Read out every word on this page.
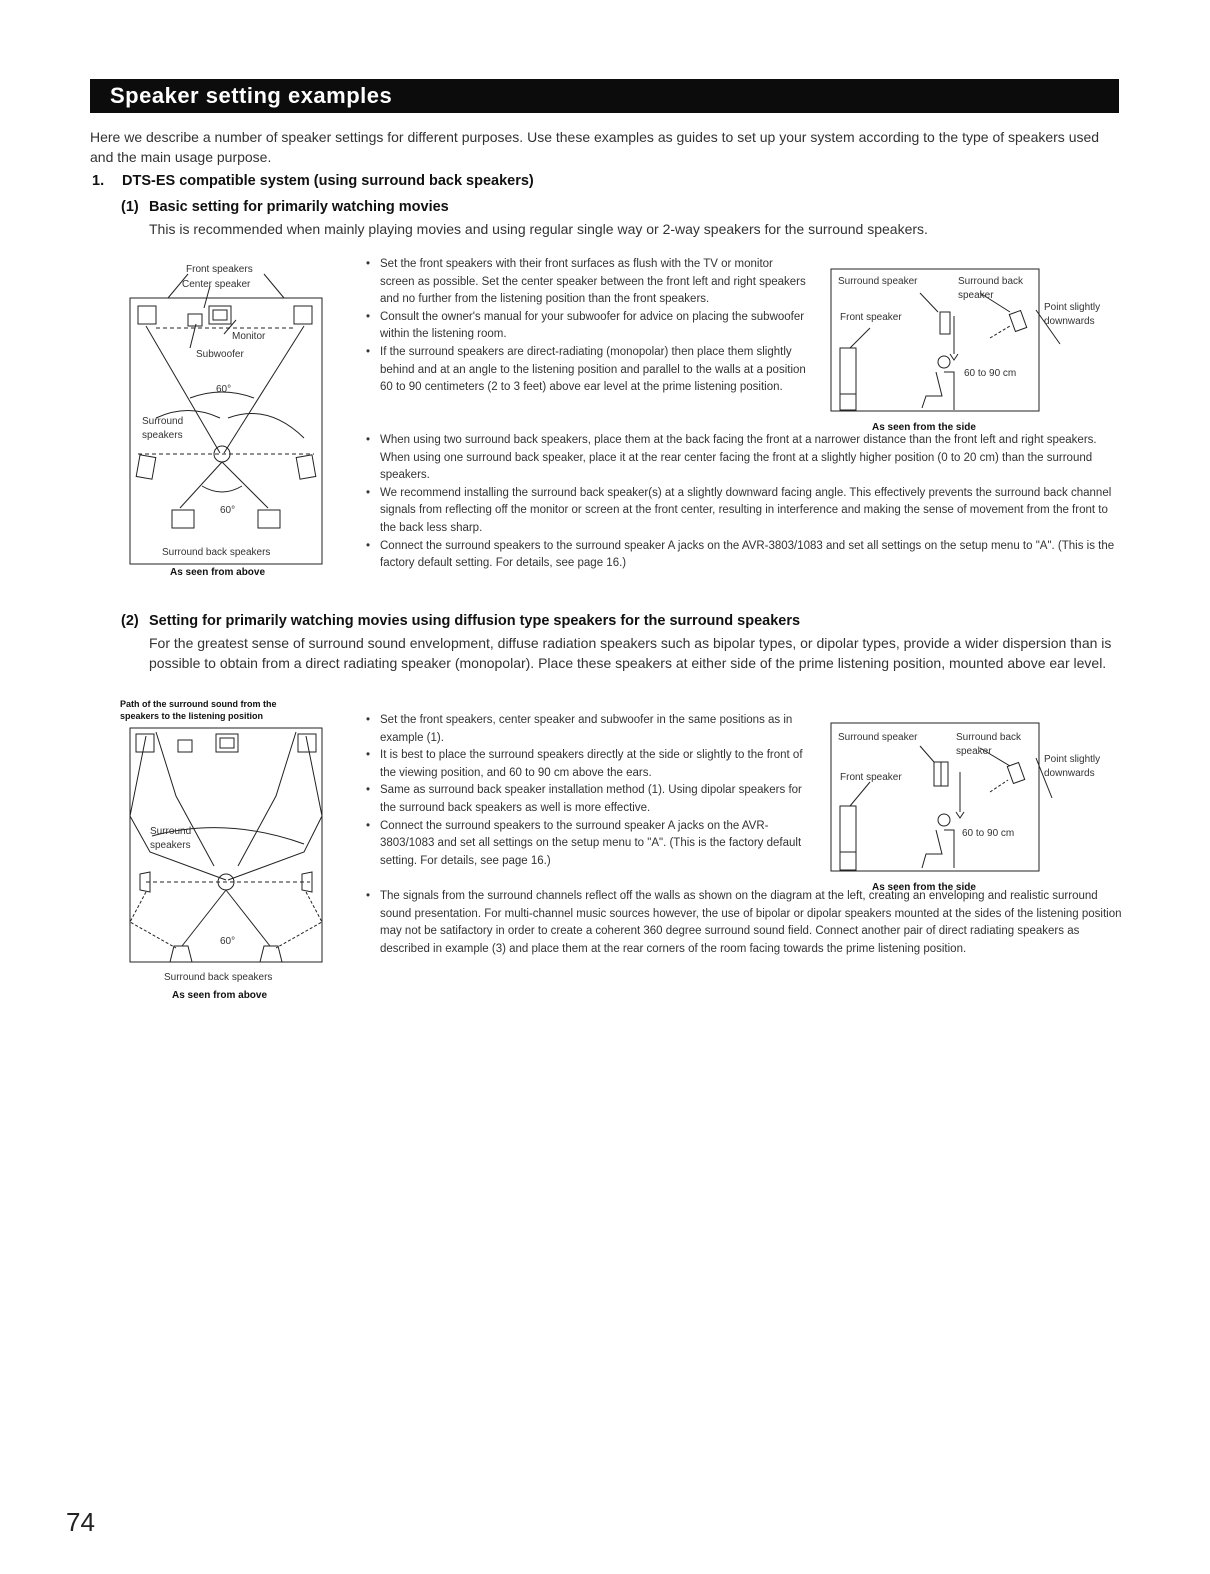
Speaker setting examples
Here we describe a number of speaker settings for different purposes. Use these examples as guides to set up your system according to the type of speakers used and the main usage purpose.
1. DTS-ES compatible system (using surround back speakers)
(1) Basic setting for primarily watching movies
This is recommended when mainly playing movies and using regular single way or 2-way speakers for the surround speakers.
Front speakers
Center speaker
Monitor
Subwoofer
60°
Surround
speakers
60°
Surround back speakers
As seen from above
• Set the front speakers with their front surfaces as flush with the TV or monitor screen as possible. Set the center speaker between the front left and right speakers and no further from the listening position than the front speakers.
• Consult the owner's manual for your subwoofer for advice on placing the subwoofer within the listening room.
• If the surround speakers are direct-radiating (monopolar) then place them slightly behind and at an angle to the listening position and parallel to the walls at a position 60 to 90 centimeters (2 to 3 feet) above ear level at the prime listening position.
• When using two surround back speakers, place them at the back facing the front at a narrower distance than the front left and right speakers. When using one surround back speaker, place it at the rear center facing the front at a slightly higher position (0 to 20 cm) than the surround speakers.
• We recommend installing the surround back speaker(s) at a slightly downward facing angle. This effectively prevents the surround back channel signals from reflecting off the monitor or screen at the front center, resulting in interference and making the sense of movement from the front to the back less sharp.
• Connect the surround speakers to the surround speaker A jacks on the AVR-3803/1083 and set all settings on the setup menu to "A". (This is the factory default setting. For details, see page 16.)
Surround speaker	Surround back
speaker
Front speaker
Point slightly
downwards
60 to 90 cm
As seen from the side
(2) Setting for primarily watching movies using diffusion type speakers for the surround speakers
For the greatest sense of surround sound envelopment, diffuse radiation speakers such as bipolar types, or dipolar types, provide a wider dispersion than is possible to obtain from a direct radiating speaker (monopolar). Place these speakers at either side of the prime listening position, mounted above ear level.
Path of the surround sound from the
speakers to the listening position
Surround
speakers
60°
Surround back speakers
As seen from above
• Set the front speakers, center speaker and subwoofer in the same positions as in example (1).
• It is best to place the surround speakers directly at the side or slightly to the front of the viewing position, and 60 to 90 cm above the ears.
• Same as surround back speaker installation method (1). Using dipolar speakers for the surround back speakers as well is more effective.
• Connect the surround speakers to the surround speaker A jacks on the AVR-3803/1083 and set all settings on the setup menu to "A". (This is the factory default setting. For details, see page 16.)
• The signals from the surround channels reflect off the walls as shown on the diagram at the left, creating an enveloping and realistic surround sound presentation. For multi-channel music sources however, the use of bipolar or dipolar speakers mounted at the sides of the listening position may not be satifactory in order to create a coherent 360 degree surround sound field. Connect another pair of direct radiating speakers as described in example (3) and place them at the rear corners of the room facing towards the prime listening position.
Surround speaker	Surround back
speaker
Front speaker
Point slightly
downwards
60 to 90 cm
As seen from the side
74
